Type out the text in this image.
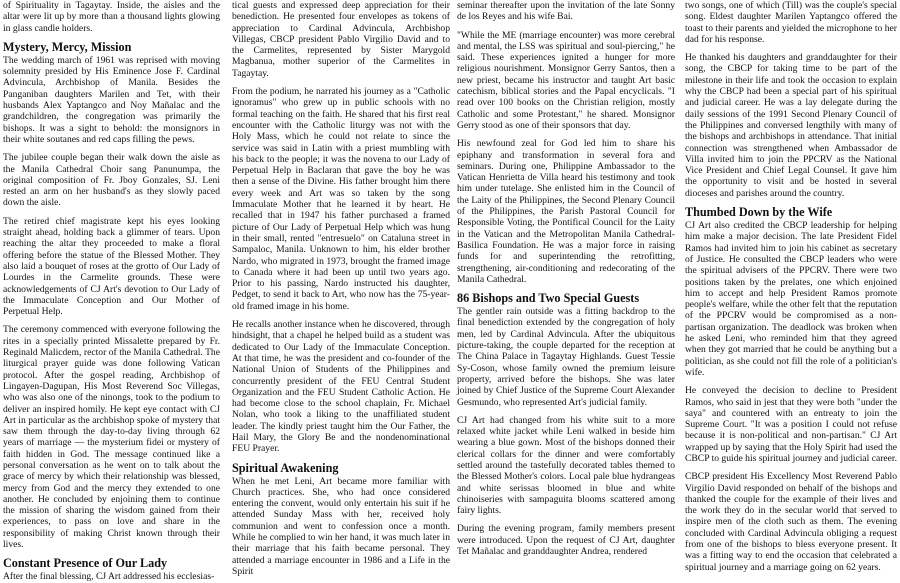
of Spirituality in Tagaytay. Inside, the aisles and the altar were lit up by more than a thousand lights glowing in glass candle holders.

Mystery, Mercy, Mission

The wedding march of 1961 was reprised with moving solemnity presided by His Eminence Jose F. Cardinal Advincula, Archbishop of Manila. Besides the Panganiban daughters Marilen and Tet, with their husbands Alex Yaptangco and Noy Mañalac and the grandchildren, the congregation was primarily the bishops. It was a sight to behold: the monsignors in their white soutanes and red caps filling the pews.

The jubilee couple began their walk down the aisle as the Manila Cathedral Choir sang Panunumpa, the original composition of Fr. Jboy Gonzales, SJ. Leni rested an arm on her husband's as they slowly paced down the aisle.

The retired chief magistrate kept his eyes looking straight ahead, holding back a glimmer of tears. Upon reaching the altar they proceeded to make a floral offering before the statue of the Blessed Mother. They also laid a bouquet of roses at the grotto of Our Lady of Lourdes in the Carmelite grounds. These were acknowledgements of CJ Art's devotion to Our Lady of the Immaculate Conception and Our Mother of Perpetual Help.

The ceremony commenced with everyone following the rites in a specially printed Missalette prepared by Fr. Reginald Malicdem, rector of the Manila Cathedral. The liturgical prayer guide was done following Vatican protocol. After the gospel reading, Archbishop of Lingayen-Dagupan, His Most Reverend Soc Villegas, who was also one of the ninongs, took to the podium to deliver an inspired homily. He kept eye contact with CJ Art in particular as the archbishop spoke of mystery that saw them through the day-to-day living through 62 years of marriage — the mysterium fidei or mystery of faith hidden in God. The message continued like a personal conversation as he went on to talk about the grace of mercy by which their relationship was blessed, mercy from God and the mercy they extended to one another. He concluded by enjoining them to continue the mission of sharing the wisdom gained from their experiences, to pass on love and share in the responsibility of making Christ known through their lives.

Constant Presence of Our Lady

After the final blessing, CJ Art addressed his ecclesias-

tical guests and expressed deep appreciation for their benediction. He presented four envelopes as tokens of appreciation to Cardinal Advincula, Archbishop Villegas, CBCP president Pablo Virgilio David and to the Carmelites, represented by Sister Marygold Magbanua, mother superior of the Carmelites in Tagaytay.

From the podium, he narrated his journey as a "Catholic ignoramus" who grew up in public schools with no formal teaching on the faith. He shared that his first real encounter with the Catholic liturgy was not with the Holy Mass, which he could not relate to since the service was said in Latin with a priest mumbling with his back to the people; it was the novena to our Lady of Perpetual Help in Baclaran that gave the boy he was then a sense of the Divine. His father brought him there every week and Art was so taken by the song Immaculate Mother that he learned it by heart. He recalled that in 1947 his father purchased a framed picture of Our Lady of Perpetual Help which was hung in their small, rented "entresuelo" on Cataluna street in Sampaloc, Manila. Unknown to him, his elder brother Nardo, who migrated in 1973, brought the framed image to Canada where it had been up until two years ago. Prior to his passing, Nardo instructed his daughter, Pedget, to send it back to Art, who now has the 75-year-old framed image in his home.

He recalls another instance when he discovered, through hindsight, that a chapel he helped build as a student was dedicated to Our Lady of the Immaculate Conception. At that time, he was the president and co-founder of the National Union of Students of the Philippines and concurrently president of the FEU Central Student Organization and the FEU Student Catholic Action. He had become close to the school chaplain, Fr. Michael Nolan, who took a liking to the unaffiliated student leader. The kindly priest taught him the Our Father, the Hail Mary, the Glory Be and the nondenominational FEU Prayer.

Spiritual Awakening

When he met Leni, Art became more familiar with Church practices. She, who had once considered entering the convent, would only entertain his suit if he attended Sunday Mass with her, received holy communion and went to confession once a month. While he complied to win her hand, it was much later in their marriage that his faith became personal. They attended a marriage encounter in 1986 and a Life in the Spirit

seminar thereafter upon the invitation of the late Sonny de los Reyes and his wife Bai.

"While the ME (marriage encounter) was more cerebral and mental, the LSS was spiritual and soul-piercing," he said. These experiences ignited a hunger for more religious nourishment. Monsignor Gerry Santos, then a new priest, became his instructor and taught Art basic catechism, biblical stories and the Papal encyclicals. "I read over 100 books on the Christian religion, mostly Catholic and some Protestant," he shared. Monsignor Gerry stood as one of their sponsors that day.

His newfound zeal for God led him to share his epiphany and transformation in several fora and seminars. During one, Philippine Ambassador to the Vatican Henrietta de Villa heard his testimony and took him under tutelage. She enlisted him in the Council of the Laity of the Philippines, the Second Plenary Council of the Philippines, the Parish Pastoral Council for Responsible Voting, the Pontifical Council for the Laity in the Vatican and the Metropolitan Manila Cathedral-Basilica Foundation. He was a major force in raising funds for and superintending the retrofitting, strengthening, air-conditioning and redecorating of the Manila Cathedral.

86 Bishops and Two Special Guests

The gentler rain outside was a fitting backdrop to the final benediction extended by the congregation of holy men, led by Cardinal Advincula. After the ubiquitous picture-taking, the couple departed for the reception at The China Palace in Tagaytay Highlands. Guest Tessie Sy-Coson, whose family owned the premium leisure property, arrived before the bishops. She was later joined by Chief Justice of the Supreme Court Alexander Gesmundo, who represented Art's judicial family.

CJ Art had changed from his white suit to a more relaxed white jacket while Leni walked in beside him wearing a blue gown. Most of the bishops donned their clerical collars for the dinner and were comfortably settled around the tastefully decorated tables themed to the Blessed Mother's colors. Local pale blue hydrangeas and white serissas bloomed in blue and white chinoiseries with sampaguita blooms scattered among fairy lights.

During the evening program, family members present were introduced. Upon the request of CJ Art, daughter Tet Mañalac and granddaughter Andrea, rendered

two songs, one of which (Till) was the couple's special song. Eldest daughter Marilen Yaptangco offered the toast to their parents and yielded the microphone to her dad for his response.

He thanked his daughters and granddaughter for their song, the CBCP for taking time to be part of the milestone in their life and took the occasion to explain why the CBCP had been a special part of his spiritual and judicial career. He was a lay delegate during the daily sessions of the 1991 Second Plenary Council of the Philippines and conversed lengthily with many of the bishops and archbishops in attendance. That initial connection was strengthened when Ambassador de Villa invited him to join the PPCRV as the National Vice President and Chief Legal Counsel. It gave him the opportunity to visit and be hosted in several dioceses and parishes around the country.

Thumbed Down by the Wife

CJ Art also credited the CBCP leadership for helping him make a major decision. The late President Fidel Ramos had invited him to join his cabinet as secretary of Justice. He consulted the CBCP leaders who were the spiritual advisers of the PPCRV. There were two positions taken by the prelates, one which enjoined him to accept and help President Ramos promote people's welfare, while the other felt that the reputation of the PPCRV would be compromised as a non-partisan organization. The deadlock was broken when he asked Leni, who reminded him that they agreed when they got married that he could be anything but a politician, as she could not fill the role of a politician's wife.

He conveyed the decision to decline to President Ramos, who said in jest that they were both "under the saya" and countered with an entreaty to join the Supreme Court. "It was a position I could not refuse because it is non-political and non-partisan." CJ Art wrapped up by saying that the Holy Spirit had used the CBCP to guide his spiritual journey and judicial career.

CBCP president His Excellency Most Reverend Pablo Virgilio David responded on behalf of the bishops and thanked the couple for the example of their lives and the work they do in the secular world that served to inspire men of the cloth such as them. The evening concluded with Cardinal Advincula obliging a request from one of the bishops to bless everyone present. It was a fitting way to end the occasion that celebrated a spiritual journey and a marriage going on 62 years.
